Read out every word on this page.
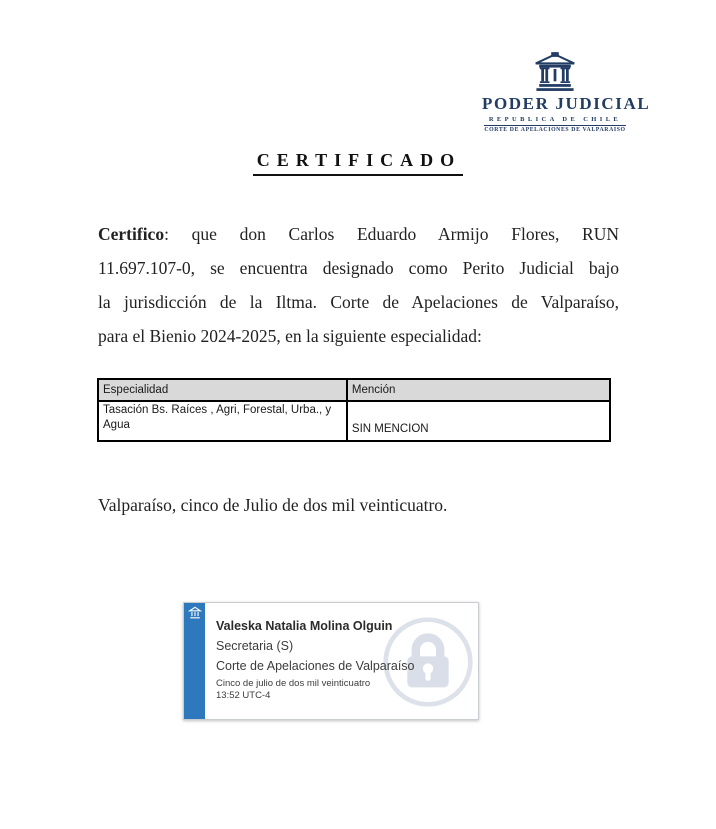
PODER JUDICIAL
REPUBLICA DE CHILE
CORTE DE APELACIONES DE VALPARAISO
CERTIFICADO
Certifico: que don Carlos Eduardo Armijo Flores, RUN
11.697.107-0, se encuentra designado como Perito Judicial bajo
la jurisdicción de la Iltma. Corte de Apelaciones de Valparaíso,
para el Bienio 2024-2025, en la siguiente especialidad:
Especialidad	Mención
Tasación Bs. Raíces , Agri, Forestal, Urba., y Agua	SIN MENCION
Valparaíso, cinco de Julio de dos mil veinticuatro.
Valeska Natalia Molina Olguin
Secretaria (S)
Corte de Apelaciones de Valparaíso
Cinco de julio de dos mil veinticuatro
13:52 UTC-4
